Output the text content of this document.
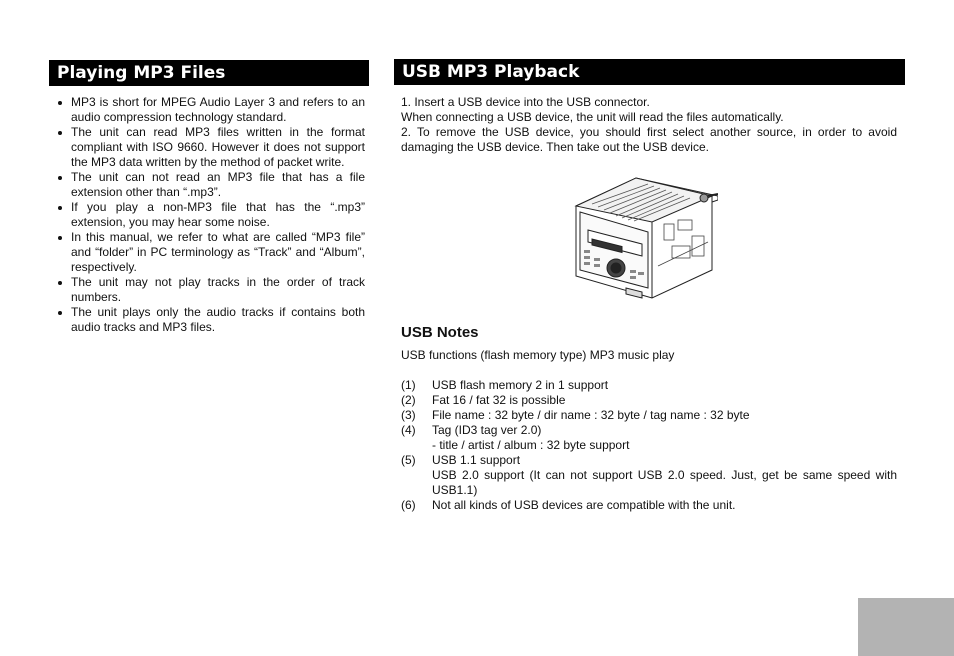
Playing MP3 Files
MP3 is short for MPEG Audio Layer 3 and refers to an audio compression technology standard.
The unit can read MP3 files written in the format compliant with ISO 9660. However it does not support the MP3 data written by the method of packet write.
The unit can not read an MP3 file that has a file extension other than “.mp3”.
If you play a non-MP3 file that has the “.mp3” extension, you may hear some noise.
In this manual, we refer to what are called “MP3 file” and “folder” in PC terminology as “Track” and “Album”, respectively.
The unit may not play tracks in the order of track numbers.
The unit plays only the audio tracks if contains both audio tracks and MP3 files.
USB MP3 Playback

1. Insert a USB device into the USB connector.

When connecting a USB device, the unit will read the files automatically.

2. To remove the USB device, you should first select another source, in order to avoid damaging the USB device. Then take out the USB device.

USB Notes

USB functions (flash memory type) MP3 music play

(1)	USB flash memory 2 in 1 support
(2)	Fat 16 / fat 32 is possible
(3)	File name : 32 byte / dir name : 32 byte / tag name : 32 byte
(4)	Tag (ID3 tag ver 2.0)
- title / artist / album : 32 byte support
(5)	USB 1.1 support
USB 2.0 support (It can not support USB 2.0 speed. Just, get be same speed with USB1.1)
(6)	Not all kinds of USB devices are compatible with the unit.
